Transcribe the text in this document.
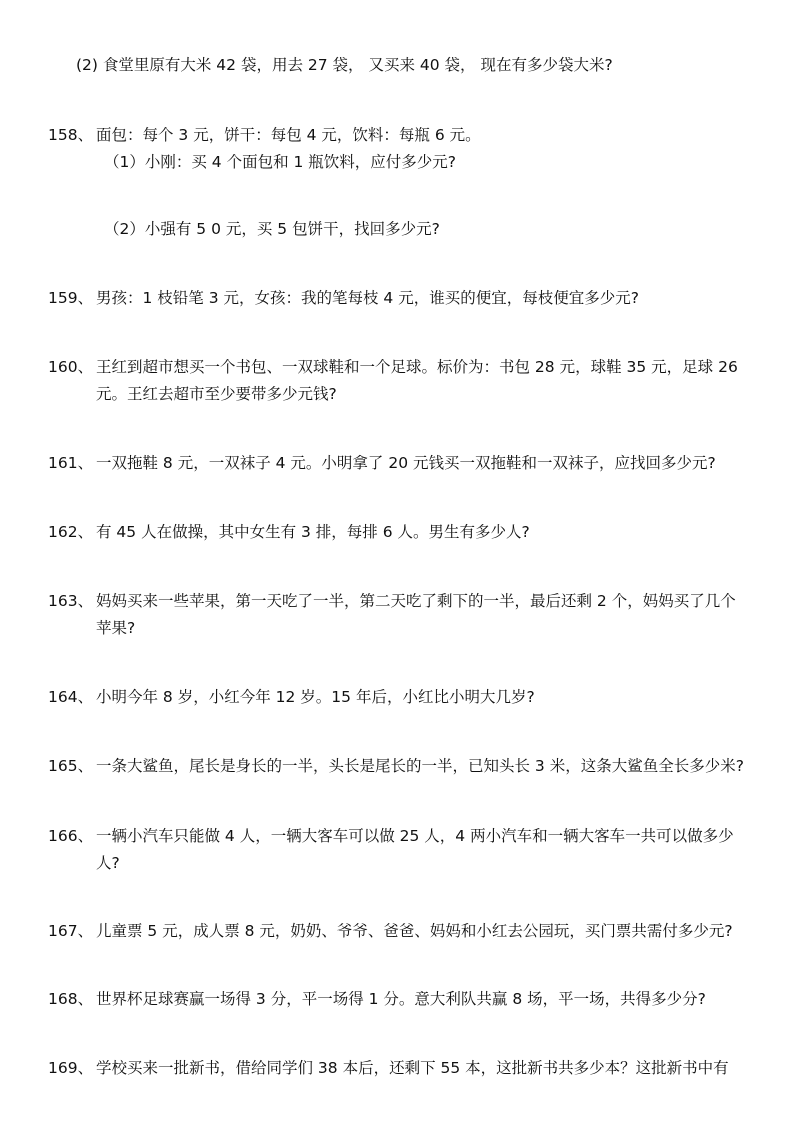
(2) 食堂里原有大米 42 袋，用去 27 袋， 又买来 40 袋， 现在有多少袋大米?
158、 面包：每个 3 元，饼干：每包 4 元，饮料：每瓶 6 元。
（1）小刚：买 4 个面包和 1 瓶饮料，应付多少元?
（2）小强有 5 0 元，买 5 包饼干，找回多少元?
159、 男孩：1 枝铅笔 3 元，女孩：我的笔每枝 4 元，谁买的便宜，每枝便宜多少元?
160、 王红到超市想买一个书包、一双球鞋和一个足球。标价为：书包 28 元，球鞋 35 元，足球 26
元。王红去超市至少要带多少元钱?
161、 一双拖鞋 8 元，一双袜子 4 元。小明拿了 20 元钱买一双拖鞋和一双袜子，应找回多少元?
162、 有 45 人在做操，其中女生有 3 排，每排 6 人。男生有多少人?
163、 妈妈买来一些苹果，第一天吃了一半，第二天吃了剩下的一半，最后还剩 2 个，妈妈买了几个
苹果?
164、 小明今年 8 岁，小红今年 12 岁。15 年后，小红比小明大几岁?
165、 一条大鲨鱼，尾长是身长的一半，头长是尾长的一半，已知头长 3 米，这条大鲨鱼全长多少米?
166、 一辆小汽车只能做 4 人，一辆大客车可以做 25 人，4 两小汽车和一辆大客车一共可以做多少
人?
167、 儿童票 5 元，成人票 8 元，奶奶、爷爷、爸爸、妈妈和小红去公园玩，买门票共需付多少元?
168、 世界杯足球赛赢一场得 3 分，平一场得 1 分。意大利队共赢 8 场，平一场，共得多少分?
169、 学校买来一批新书，借给同学们 38 本后，还剩下 55 本，这批新书共多少本？这批新书中有
